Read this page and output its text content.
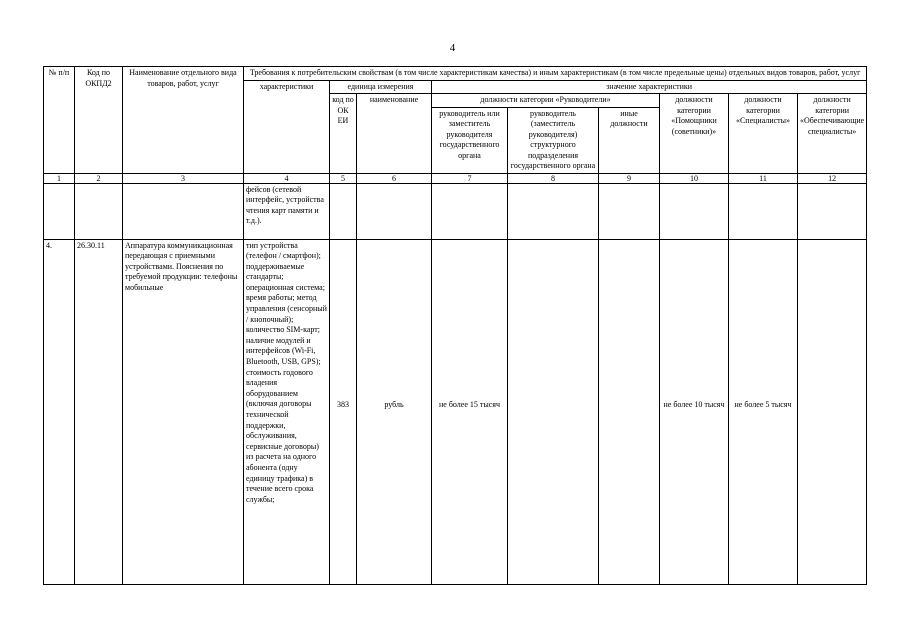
4
№ п/п	Код по ОКПД2	Наименование отдельного вида товаров, работ, услуг	Требования к потребительским свойствам (в том числе характеристикам качества) и иным характеристикам (в том числе предельные цены) отдельных видов товаров, работ, услуг								
			характеристики	единица измерения		значение характеристики					
				код по ОК ЕИ	наименование	должности категории «Руководители»			должности категории «Помощники (советники)»	должности категории «Специалисты»	должности категории «Обеспечивающие специалисты»
						руководитель или заместитель руководителя государственного органа	руководитель (заместитель руководителя) структурного подразделения государственного органа	иные должности			
1	2	3	4	5	6	7	8	9	10	11	12
			фейсов (сетевой интерфейс, устройства чтения карт памяти и т.д.).								
4.	26.30.11	Аппаратура коммуникационная передающая с приемными устройствами. Пояснения по требуемой продукции: телефоны мобильные	тип устройства (телефон / смартфон); поддерживаемые стандарты; операционная система; время работы; метод управления (сенсорный / кнопочный); количество SIM-карт; наличие модулей и интерфейсов (Wi-Fi, Bluetooth, USB, GPS); стоимость годового владения оборудованием (включая договоры технической поддержки, обслуживания, сервисные договоры) из расчета на одного абонента (одну единицу трафика) в течение всего срока службы;	383	рубль	не более 15 тысяч			не более 10 тысяч	не более 5 тысяч	
